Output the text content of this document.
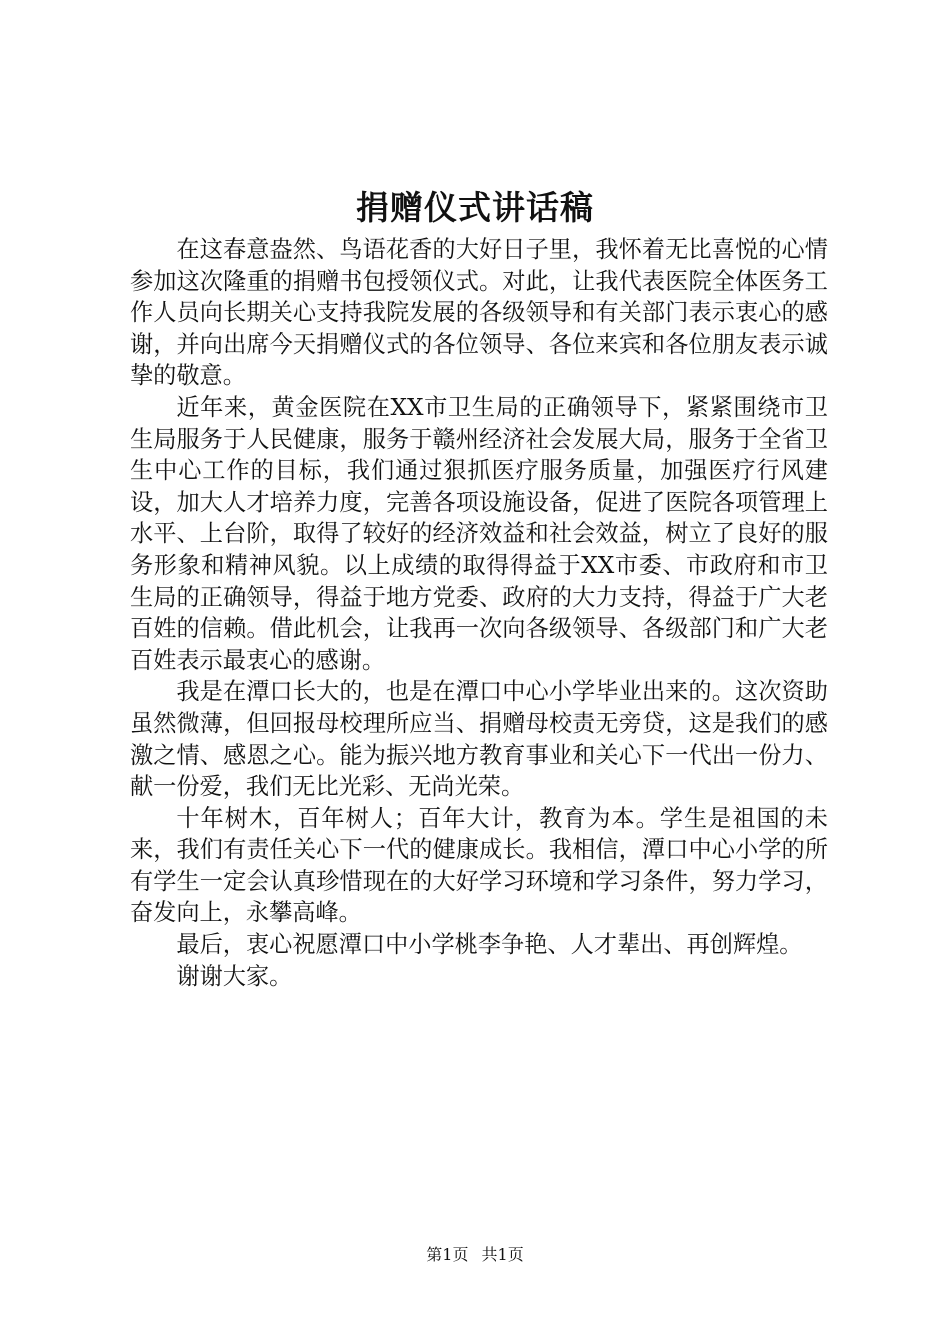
捐赠仪式讲话稿

在这春意盎然、鸟语花香的大好日子里，我怀着无比喜悦的心情参加这次隆重的捐赠书包授领仪式。对此，让我代表医院全体医务工作人员向长期关心支持我院发展的各级领导和有关部门表示衷心的感谢，并向出席今天捐赠仪式的各位领导、各位来宾和各位朋友表示诚挚的敬意。

近年来，黄金医院在XX市卫生局的正确领导下，紧紧围绕市卫生局服务于人民健康，服务于赣州经济社会发展大局，服务于全省卫生中心工作的目标，我们通过狠抓医疗服务质量，加强医疗行风建设，加大人才培养力度，完善各项设施设备，促进了医院各项管理上水平、上台阶，取得了较好的经济效益和社会效益，树立了良好的服务形象和精神风貌。以上成绩的取得得益于XX市委、市政府和市卫生局的正确领导，得益于地方党委、政府的大力支持，得益于广大老百姓的信赖。借此机会，让我再一次向各级领导、各级部门和广大老百姓表示最衷心的感谢。

我是在潭口长大的，也是在潭口中心小学毕业出来的。这次资助虽然微薄，但回报母校理所应当、捐赠母校责无旁贷，这是我们的感激之情、感恩之心。能为振兴地方教育事业和关心下一代出一份力、献一份爱，我们无比光彩、无尚光荣。

十年树木，百年树人；百年大计，教育为本。学生是祖国的未来，我们有责任关心下一代的健康成长。我相信，潭口中心小学的所有学生一定会认真珍惜现在的大好学习环境和学习条件，努力学习，奋发向上，永攀高峰。

最后，衷心祝愿潭口中小学桃李争艳、人才辈出、再创辉煌。

谢谢大家。

第1页 共1页
